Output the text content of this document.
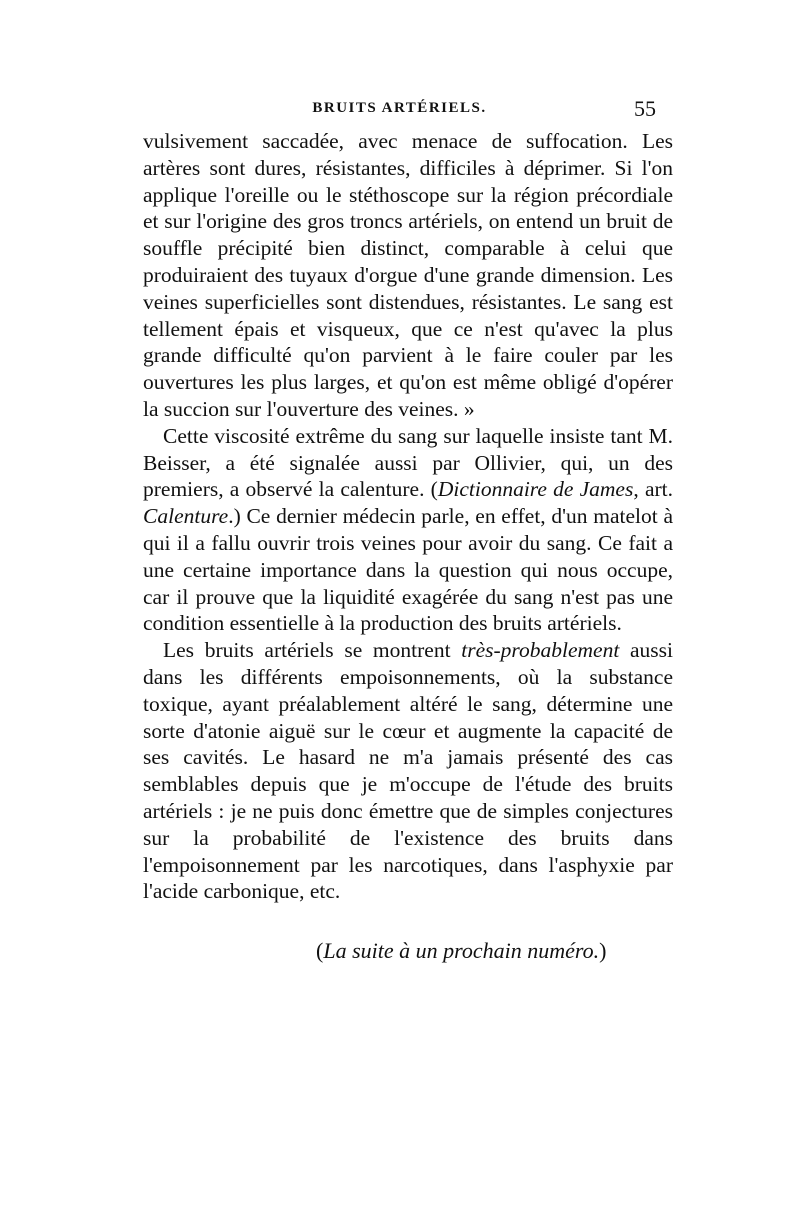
BRUITS ARTÉRIELS.	55

vulsivement saccadée, avec menace de suffocation. Les artères sont dures, résistantes, difficiles à déprimer. Si l'on applique l'oreille ou le stéthoscope sur la région précordiale et sur l'origine des gros troncs artériels, on entend un bruit de souffle précipité bien distinct, comparable à celui que produiraient des tuyaux d'orgue d'une grande dimension. Les veines superficielles sont distendues, résistantes. Le sang est tellement épais et visqueux, que ce n'est qu'avec la plus grande difficulté qu'on parvient à le faire couler par les ouvertures les plus larges, et qu'on est même obligé d'opérer la succion sur l'ouverture des veines. »

Cette viscosité extrême du sang sur laquelle insiste tant M. Beisser, a été signalée aussi par Ollivier, qui, un des premiers, a observé la calenture. (Dictionnaire de James, art. Calenture.) Ce dernier médecin parle, en effet, d'un matelot à qui il a fallu ouvrir trois veines pour avoir du sang. Ce fait a une certaine importance dans la question qui nous occupe, car il prouve que la liquidité exagérée du sang n'est pas une condition essentielle à la production des bruits artériels.

Les bruits artériels se montrent très-probablement aussi dans les différents empoisonnements, où la substance toxique, ayant préalablement altéré le sang, détermine une sorte d'atonie aiguë sur le cœur et augmente la capacité de ses cavités. Le hasard ne m'a jamais présenté des cas semblables depuis que je m'occupe de l'étude des bruits artériels : je ne puis donc émettre que de simples conjectures sur la probabilité de l'existence des bruits dans l'empoisonnement par les narcotiques, dans l'asphyxie par l'acide carbonique, etc.

(La suite à un prochain numéro.)
